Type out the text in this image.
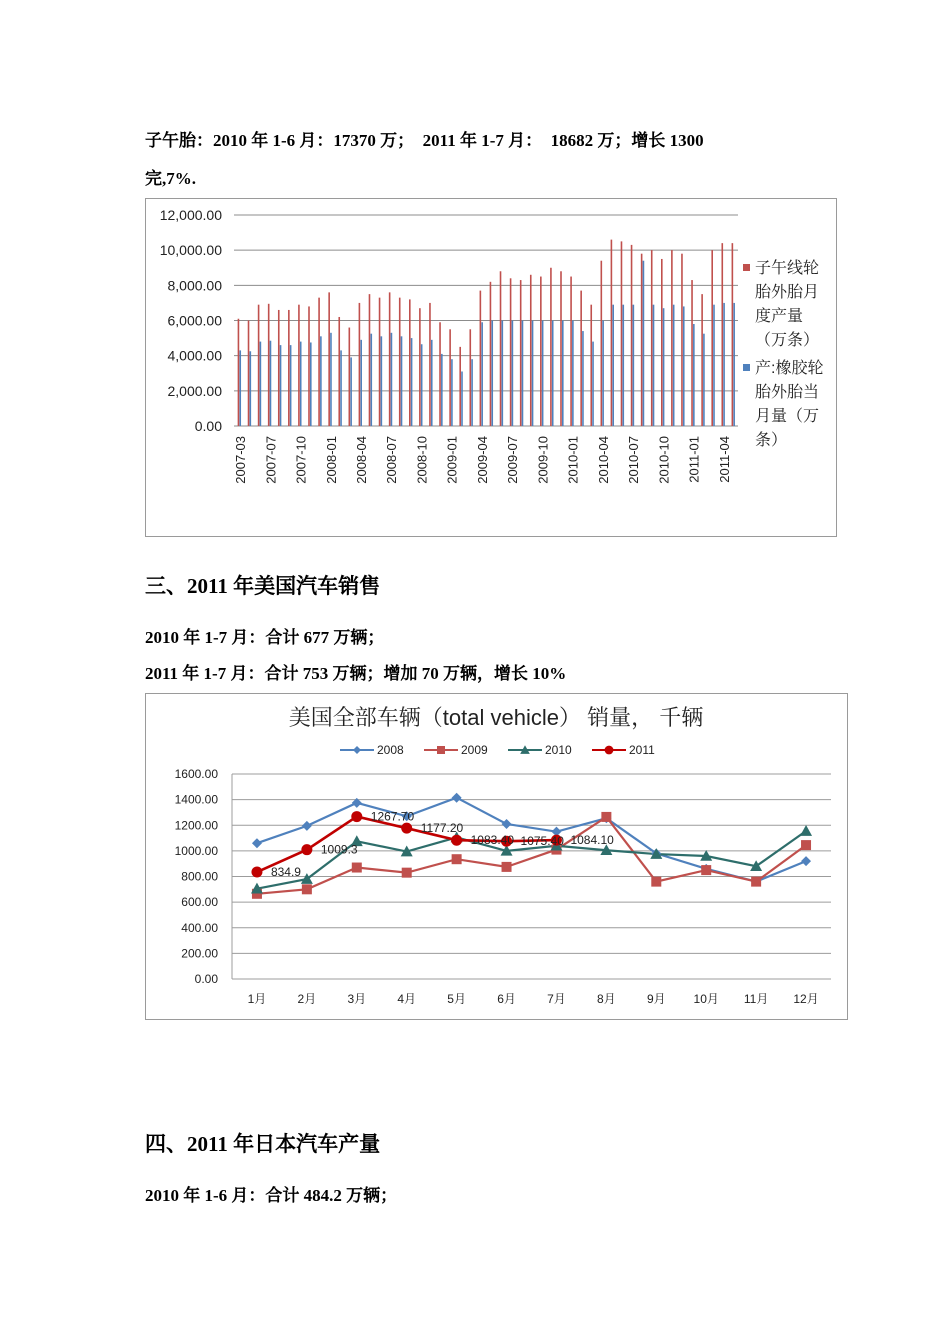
子午胎：2010 年 1-6 月：17370 万；　2011 年 1-7 月：　18682 万；增长 1300
完,7%.
12,000.00
10,000.00
8,000.00
6,000.00
4,000.00
2,000.00
0.00
2007-03 2007-07 2007-10 2008-01 2008-04 2008-07 2008-10 2009-01 2009-04 2009-07 2009-10 2010-01 2010-04 2010-07 2010-10 2011-01 2011-04
子午线轮
胎外胎月
度产量
（万条）
产:橡胶轮
胎外胎当
月量（万
条）
三、2011 年美国汽车销售
2010 年 1-7 月：合计 677 万辆；
2011 年 1-7 月：合计 753 万辆；增加 70 万辆，增长 10%
美国全部车辆（total vehicle） 销量， 千辆
2008	2009	2010	2011
1600.00
1400.00
1200.00
1000.00
800.00
600.00
400.00
200.00
0.00
1月	2月	3月	4月	5月	6月	7月	8月	9月 10月 11月 12月
834.9
1009.3
1267.70
1177.20
1083.40 1075.40 1084.10
四、2011 年日本汽车产量
2010 年 1-6 月：合计 484.2 万辆；
